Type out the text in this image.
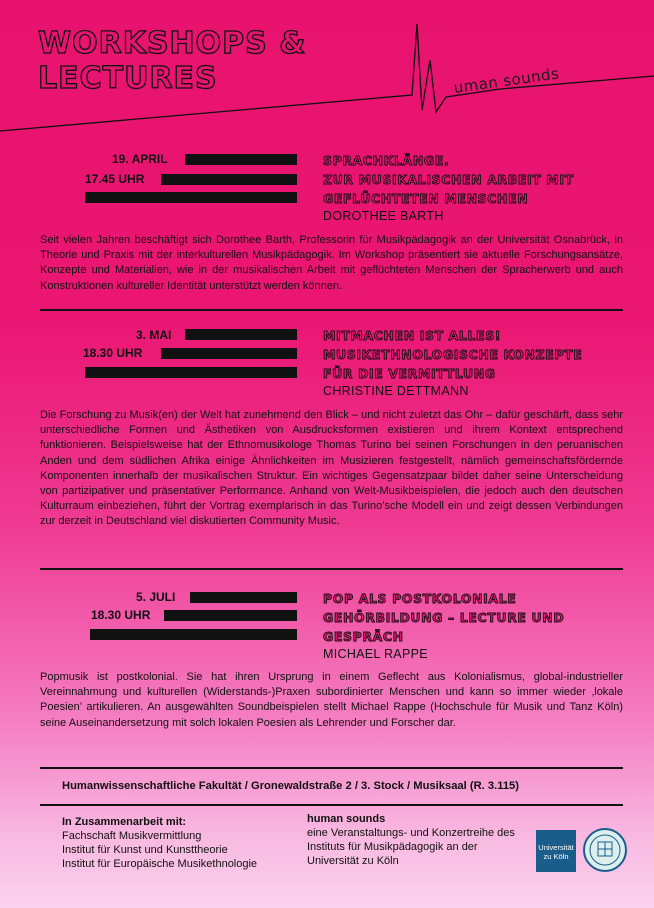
WORKSHOPS &
LECTURES	uman sounds
19. APRIL
17.45 UHR
SPRACHKLÄNGE.
ZUR MUSIKALISCHEN ARBEIT MIT
GEFLÜCHTETEN MENSCHEN
DOROTHEE BARTH
Seit vielen Jahren beschäftigt sich Dorothee Barth, Professorin für Musikpädagogik an der Universität Osnabrück, in Theorie und Praxis mit der interkulturellen Musikpädagogik. Im Workshop präsentiert sie aktuelle Forschungsansätze, Konzepte und Materialien, wie in der musikalischen Arbeit mit geflüchteten Menschen der Spracherwerb und auch Konstruktionen kultureller Identität unterstützt werden können.
3. MAI
18.30 UHR
MITMACHEN IST ALLES!
MUSIKETHNOLOGISCHE KONZEPTE
FÜR DIE VERMITTLUNG
CHRISTINE DETTMANN
Die Forschung zu Musik(en) der Welt hat zunehmend den Blick – und nicht zuletzt das Ohr – dafür geschärft, dass sehr unterschiedliche Formen und Ästhetiken von Ausdrucksformen existieren und ihrem Kontext entsprechend funktionieren. Beispielsweise hat der Ethnomusikologe Thomas Turino bei seinen Forschungen in den peruanischen Anden und dem südlichen Afrika einige Ähnlichkeiten im Musizieren festgestellt, nämlich gemeinschaftsfördernde Komponenten innerhalb der musikalischen Struktur. Ein wichtiges Gegensatzpaar bildet daher seine Unterscheidung von partizipativer und präsentativer Performance. Anhand von Welt-Musikbeispielen, die jedoch auch den deutschen Kulturraum einbeziehen, führt der Vortrag exemplarisch in das Turino’sche Modell ein und zeigt dessen Verbindungen zur derzeit in Deutschland viel diskutierten Community Music.
5. JULI
18.30 UHR
POP ALS POSTKOLONIALE
GEHÖRBILDUNG – LECTURE UND
GESPRÄCH
MICHAEL RAPPE
Popmusik ist postkolonial. Sie hat ihren Ursprung in einem Geflecht aus Kolonialismus, global-industrieller Vereinnahmung und kulturellen (Widerstands-)Praxen subordinierter Menschen und kann so immer wieder ‚lokale Poesien’ artikulieren. An ausgewählten Soundbeispielen stellt Michael Rappe (Hochschule für Musik und Tanz Köln) seine Auseinandersetzung mit solch lokalen Poesien als Lehrender und Forscher dar.
Humanwissenschaftliche Fakultät / Gronewaldstraße 2 / 3. Stock / Musiksaal (R. 3.115)
In Zusammenarbeit mit:
Fachschaft Musikvermittlung
Institut für Kunst und Kunsttheorie
Institut für Europäische Musikethnologie
human sounds
eine Veranstaltungs- und Konzertreihe des Instituts für Musikpädagogik an der Universität zu Köln
Universität
zu Köln
